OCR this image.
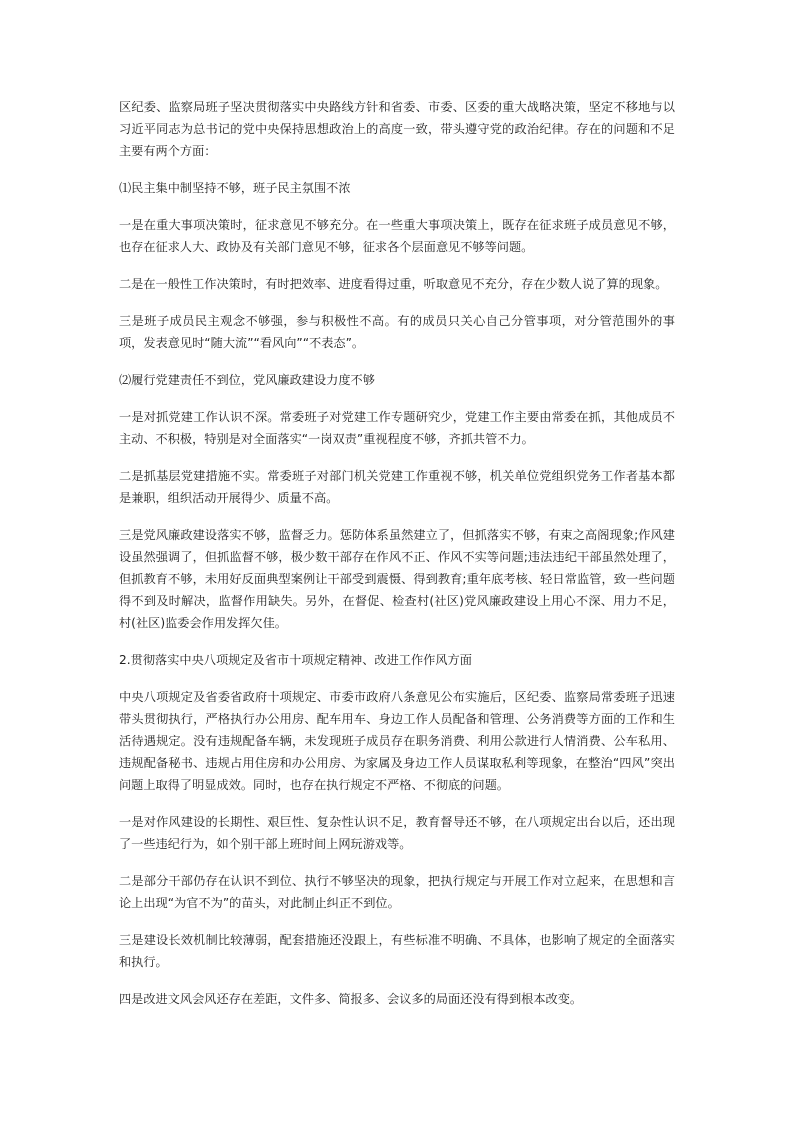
区纪委、监察局班子坚决贯彻落实中央路线方针和省委、市委、区委的重大战略决策，坚定不移地与以习近平同志为总书记的党中央保持思想政治上的高度一致，带头遵守党的政治纪律。存在的问题和不足主要有两个方面：

⑴民主集中制坚持不够，班子民主氛围不浓

一是在重大事项决策时，征求意见不够充分。在一些重大事项决策上，既存在征求班子成员意见不够，也存在征求人大、政协及有关部门意见不够，征求各个层面意见不够等问题。

二是在一般性工作决策时，有时把效率、进度看得过重，听取意见不充分，存在少数人说了算的现象。

三是班子成员民主观念不够强，参与积极性不高。有的成员只关心自己分管事项，对分管范围外的事项，发表意见时“随大流”“看风向”“不表态”。

⑵履行党建责任不到位，党风廉政建设力度不够

一是对抓党建工作认识不深。常委班子对党建工作专题研究少，党建工作主要由常委在抓，其他成员不主动、不积极，特别是对全面落实“一岗双责”重视程度不够，齐抓共管不力。

二是抓基层党建措施不实。常委班子对部门机关党建工作重视不够，机关单位党组织党务工作者基本都是兼职，组织活动开展得少、质量不高。

三是党风廉政建设落实不够，监督乏力。惩防体系虽然建立了，但抓落实不够，有束之高阁现象;作风建设虽然强调了，但抓监督不够，极少数干部存在作风不正、作风不实等问题;违法违纪干部虽然处理了，但抓教育不够，未用好反面典型案例让干部受到震慑、得到教育;重年底考核、轻日常监管，致一些问题得不到及时解决，监督作用缺失。另外，在督促、检查村(社区)党风廉政建设上用心不深、用力不足，村(社区)监委会作用发挥欠佳。

2.贯彻落实中央八项规定及省市十项规定精神、改进工作作风方面

中央八项规定及省委省政府十项规定、市委市政府八条意见公布实施后，区纪委、监察局常委班子迅速带头贯彻执行，严格执行办公用房、配车用车、身边工作人员配备和管理、公务消费等方面的工作和生活待遇规定。没有违规配备车辆，未发现班子成员存在职务消费、利用公款进行人情消费、公车私用、违规配备秘书、违规占用住房和办公用房、为家属及身边工作人员谋取私利等现象，在整治“四风”突出问题上取得了明显成效。同时，也存在执行规定不严格、不彻底的问题。

一是对作风建设的长期性、艰巨性、复杂性认识不足，教育督导还不够，在八项规定出台以后，还出现了一些违纪行为，如个别干部上班时间上网玩游戏等。

二是部分干部仍存在认识不到位、执行不够坚决的现象，把执行规定与开展工作对立起来，在思想和言论上出现“为官不为”的苗头，对此制止纠正不到位。

三是建设长效机制比较薄弱，配套措施还没跟上，有些标准不明确、不具体，也影响了规定的全面落实和执行。

四是改进文风会风还存在差距，文件多、简报多、会议多的局面还没有得到根本改变。
